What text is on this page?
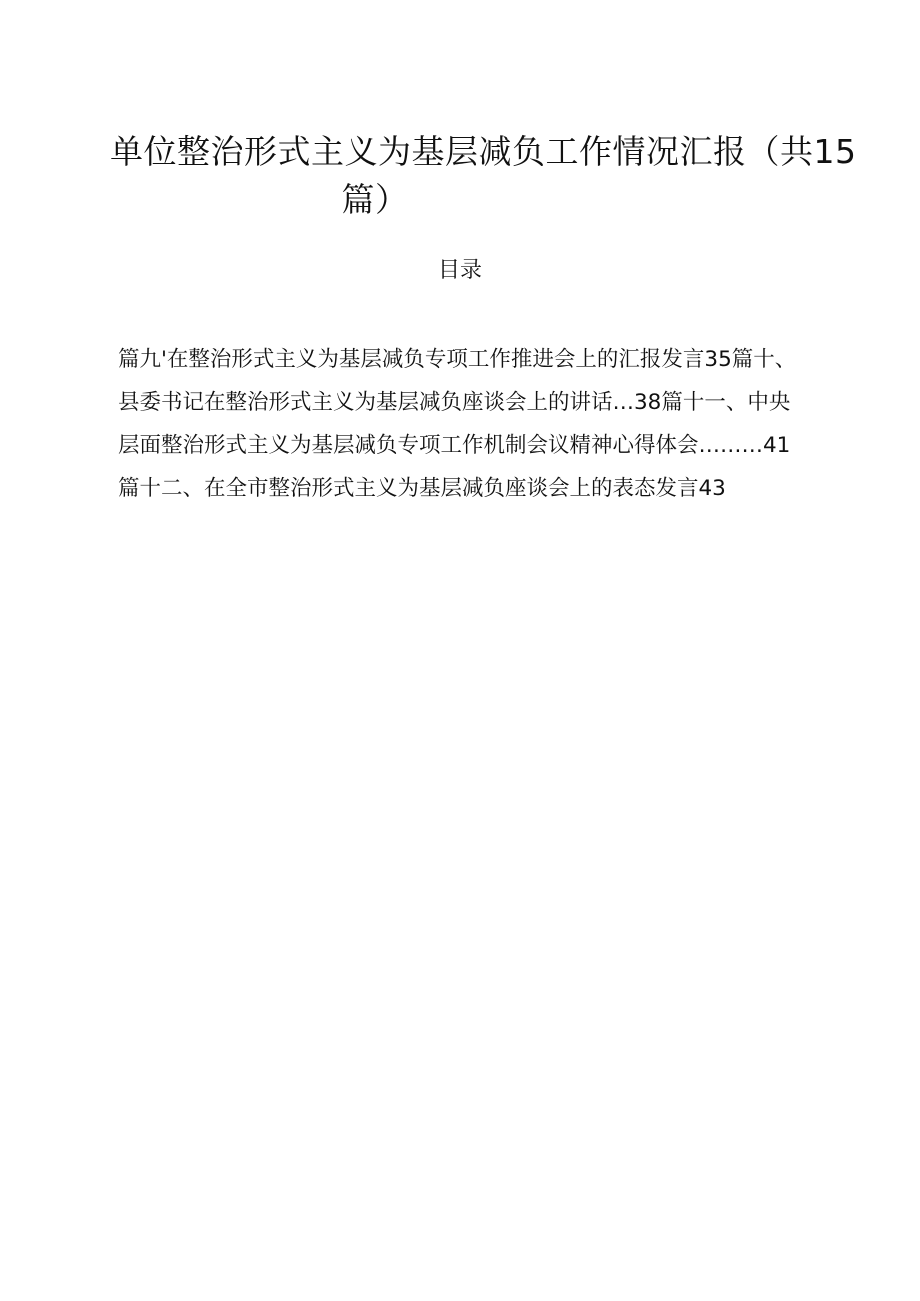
单位整治形式主义为基层减负工作情况汇报（共15
篇）
目录
篇九'在整治形式主义为基层减负专项工作推进会上的汇报发言35篇十、
县委书记在整治形式主义为基层减负座谈会上的讲话…38篇十一、中央
层面整治形式主义为基层减负专项工作机制会议精神心得体会………41
篇十二、在全市整治形式主义为基层减负座谈会上的表态发言43
